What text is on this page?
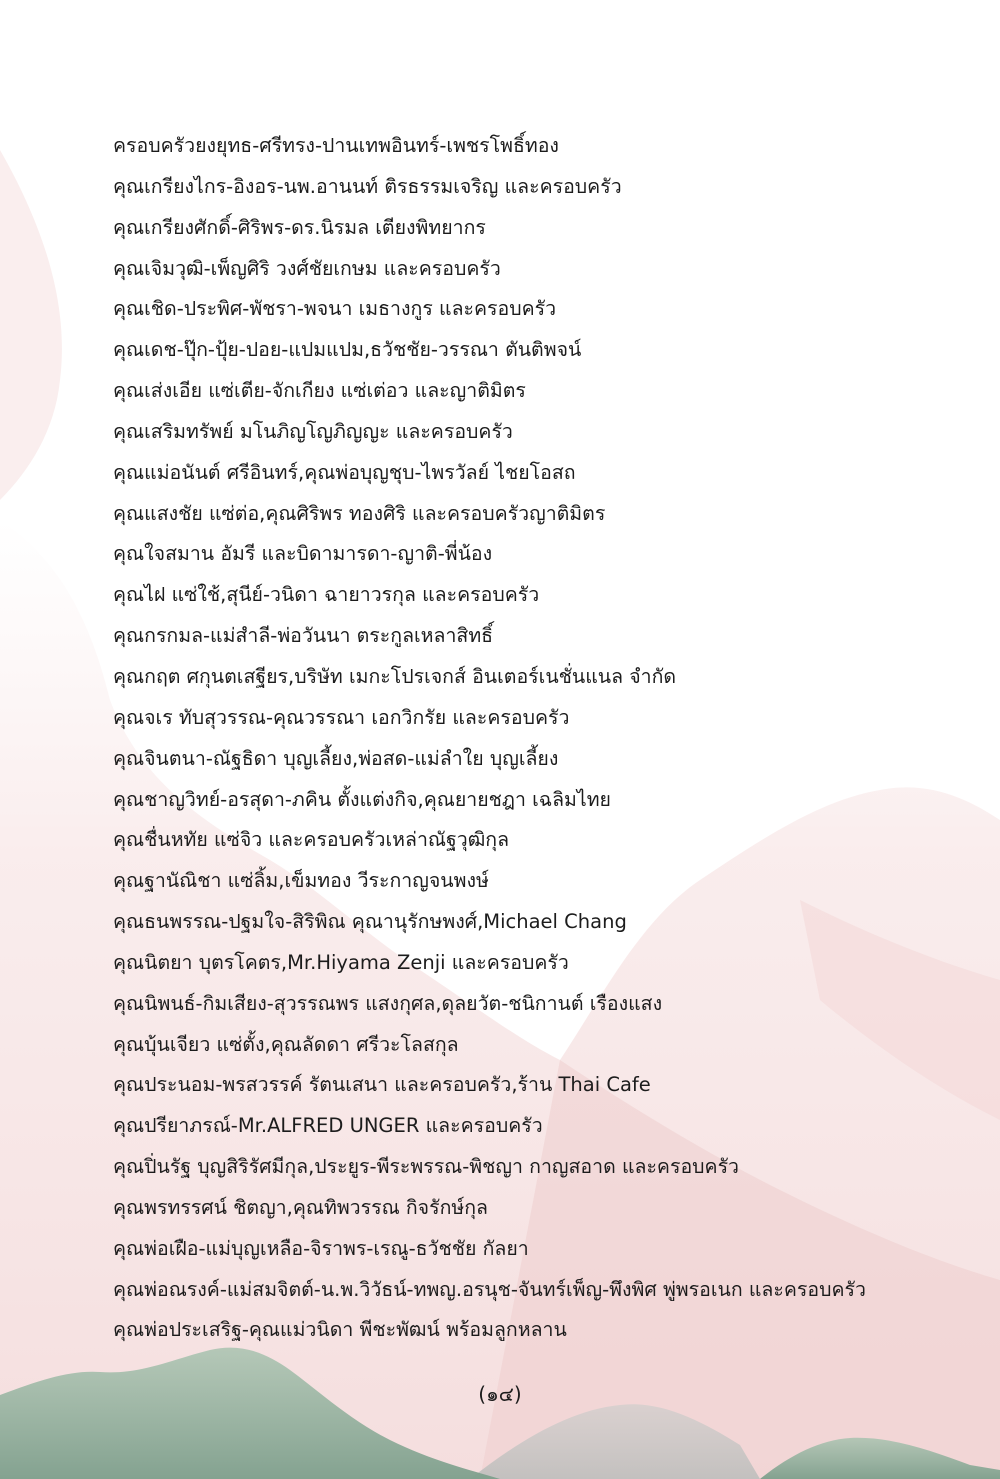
ครอบครัวยงยุทธ-ศรีทรง-ปานเทพอินทร์-เพชรโพธิ์ทอง
คุณเกรียงไกร-อิงอร-นพ.อานนท์ ติรธรรมเจริญ และครอบครัว
คุณเกรียงศักดิ์-ศิริพร-ดร.นิรมล เตียงพิทยากร
คุณเจิมวุฒิ-เพ็ญศิริ วงศ์ชัยเกษม และครอบครัว
คุณเชิด-ประพิศ-พัชรา-พจนา เมธางกูร และครอบครัว
คุณเดช-ปุ๊ก-ปุ้ย-ปอย-แปมแปม,ธวัชชัย-วรรณา ตันติพจน์
คุณเส่งเอีย แซ่เตีย-จักเกียง แซ่เต่อว และญาติมิตร
คุณเสริมทรัพย์ มโนภิญโญภิญญะ และครอบครัว
คุณแม่อนันต์ ศรีอินทร์,คุณพ่อบุญชุบ-ไพรวัลย์ ไชยโอสถ
คุณแสงชัย แซ่ต่อ,คุณศิริพร ทองศิริ และครอบครัวญาติมิตร
คุณใจสมาน อัมรี และบิดามารดา-ญาติ-พี่น้อง
คุณไฝ แซ่ใช้,สุนีย์-วนิดา ฉายาวรกุล และครอบครัว
คุณกรกมล-แม่สำลี-พ่อวันนา ตระกูลเหลาสิทธิ์
คุณกฤต ศกุนตเสฐียร,บริษัท เมกะโปรเจกส์ อินเตอร์เนชั่นแนล จำกัด
คุณจเร ทับสุวรรณ-คุณวรรณา เอกวิกรัย และครอบครัว
คุณจินตนา-ณัฐธิดา บุญเลี้ยง,พ่อสด-แม่ลำใย บุญเลี้ยง
คุณชาญวิทย์-อรสุดา-ภคิน ตั้งแต่งกิจ,คุณยายชฎา เฉลิมไทย
คุณชื่นหทัย แซ่จิว และครอบครัวเหล่าณัฐวุฒิกุล
คุณฐานัณิชา แซ่ลิ้ม,เข็มทอง วีระกาญจนพงษ์
คุณธนพรรณ-ปฐมใจ-สิริพิณ คุณานุรักษพงศ์,Michael Chang
คุณนิตยา บุตรโคตร,Mr.Hiyama Zenji และครอบครัว
คุณนิพนธ์-กิมเสียง-สุวรรณพร แสงกุศล,ดุลยวัต-ชนิกานต์ เรืองแสง
คุณบุ้นเจียว แซ่ตั้ง,คุณลัดดา ศรีวะโลสกุล
คุณประนอม-พรสวรรค์ รัตนเสนา และครอบครัว,ร้าน Thai Cafe
คุณปรียาภรณ์-Mr.ALFRED UNGER และครอบครัว
คุณปิ่นรัฐ บุญสิริรัศมีกุล,ประยูร-พีระพรรณ-พิชญา กาญสอาด และครอบครัว
คุณพรทรรศน์ ชิตญา,คุณทิพวรรณ กิจรักษ์กุล
คุณพ่อเฝือ-แม่บุญเหลือ-จิราพร-เรณู-ธวัชชัย กัลยา
คุณพ่อณรงค์-แม่สมจิตต์-น.พ.วิวัธน์-ทพญ.อรนุช-จันทร์เพ็ญ-พึงพิศ พู่พรอเนก และครอบครัว
คุณพ่อประเสริฐ-คุณแม่วนิดา พีชะพัฒน์ พร้อมลูกหลาน
(๑๔)
